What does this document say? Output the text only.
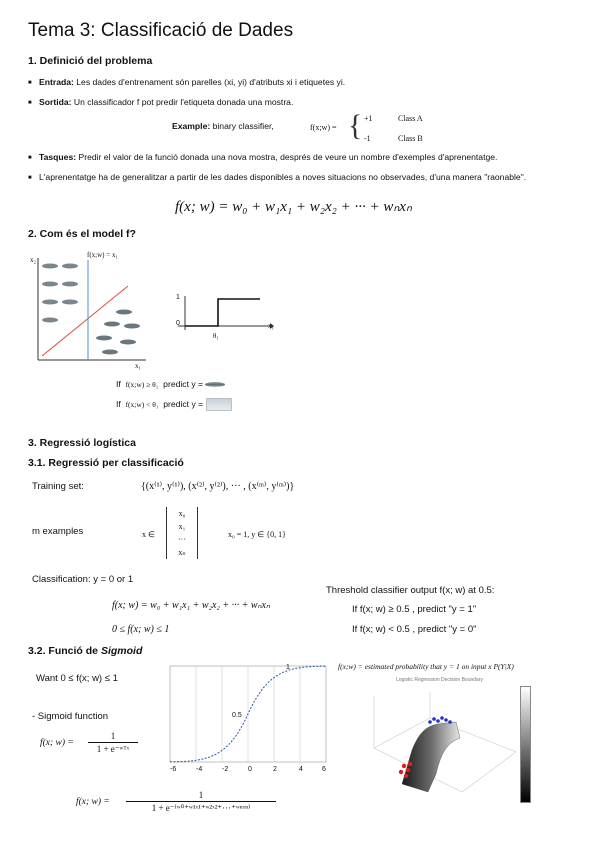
Tema 3: Classificació de Dades
1. Definició del problema
■ Entrada: Les dades d'entrenament són parelles (xi, yi) d'atributs xi i etiquetes yi.
■ Sortida: Un classificador f pot predir l'etiqueta donada una mostra.
Example: binary classifier,	f(x;w) = { +1	Class A
-1	Class B
■ Tasques: Predir el valor de la funció donada una nova mostra, després de veure un nombre d'exemples d'aprenentatge.
■ L'aprenentatge ha de generalitzar a partir de les dades disponibles a noves situacions no observades, d'una manera "raonable".
f(x; w) = w₀ + w₁x₁ + w₂x₂ + ··· + wₙxₙ
2. Com és el model f?
f(x;w) = x₁
x₂
x₁
1
0	x₁
θ₁
If f(x;w) ≥ θ₁ predict y =
If f(x;w) < θ₁ predict y =
3. Regressió logística
3.1. Regressió per classificació
Training set:	{(x⁽¹⁾, y⁽¹⁾), (x⁽²⁾, y⁽²⁾), ··· , (x⁽ᵐ⁾, y⁽ᵐ⁾)}
m examples	x ∈
x₀
x₁
···
xₙ
x₀ = 1, y ∈ {0, 1}
Classification: y = 0 or 1
f(x; w) = w₀ + w₁x₁ + w₂x₂ + ··· + wₙxₙ
0 ≤ f(x; w) ≤ 1
Threshold classifier output f(x; w) at 0.5:
If f(x; w) ≥ 0.5 , predict "y = 1"
If f(x; w) < 0.5 , predict "y = 0"
3.2. Funció de Sigmoid
Want 0 ≤ f(x; w) ≤ 1
- Sigmoid function
f(x; w) =
1
1 + e⁻ʷᵀˣ
0.5
1
-6	-4	-2	0	2	4	6
f(x;w) = estimated probability that y = 1 on input x P(Y|X)
Logistic Regression Decision Boundary
f(x; w) =
1
1 + e⁻⁽ʷ⁰⁺ʷ¹ˣ¹⁺ʷ²ˣ²⁺···⁺ʷⁿˣⁿ⁾
